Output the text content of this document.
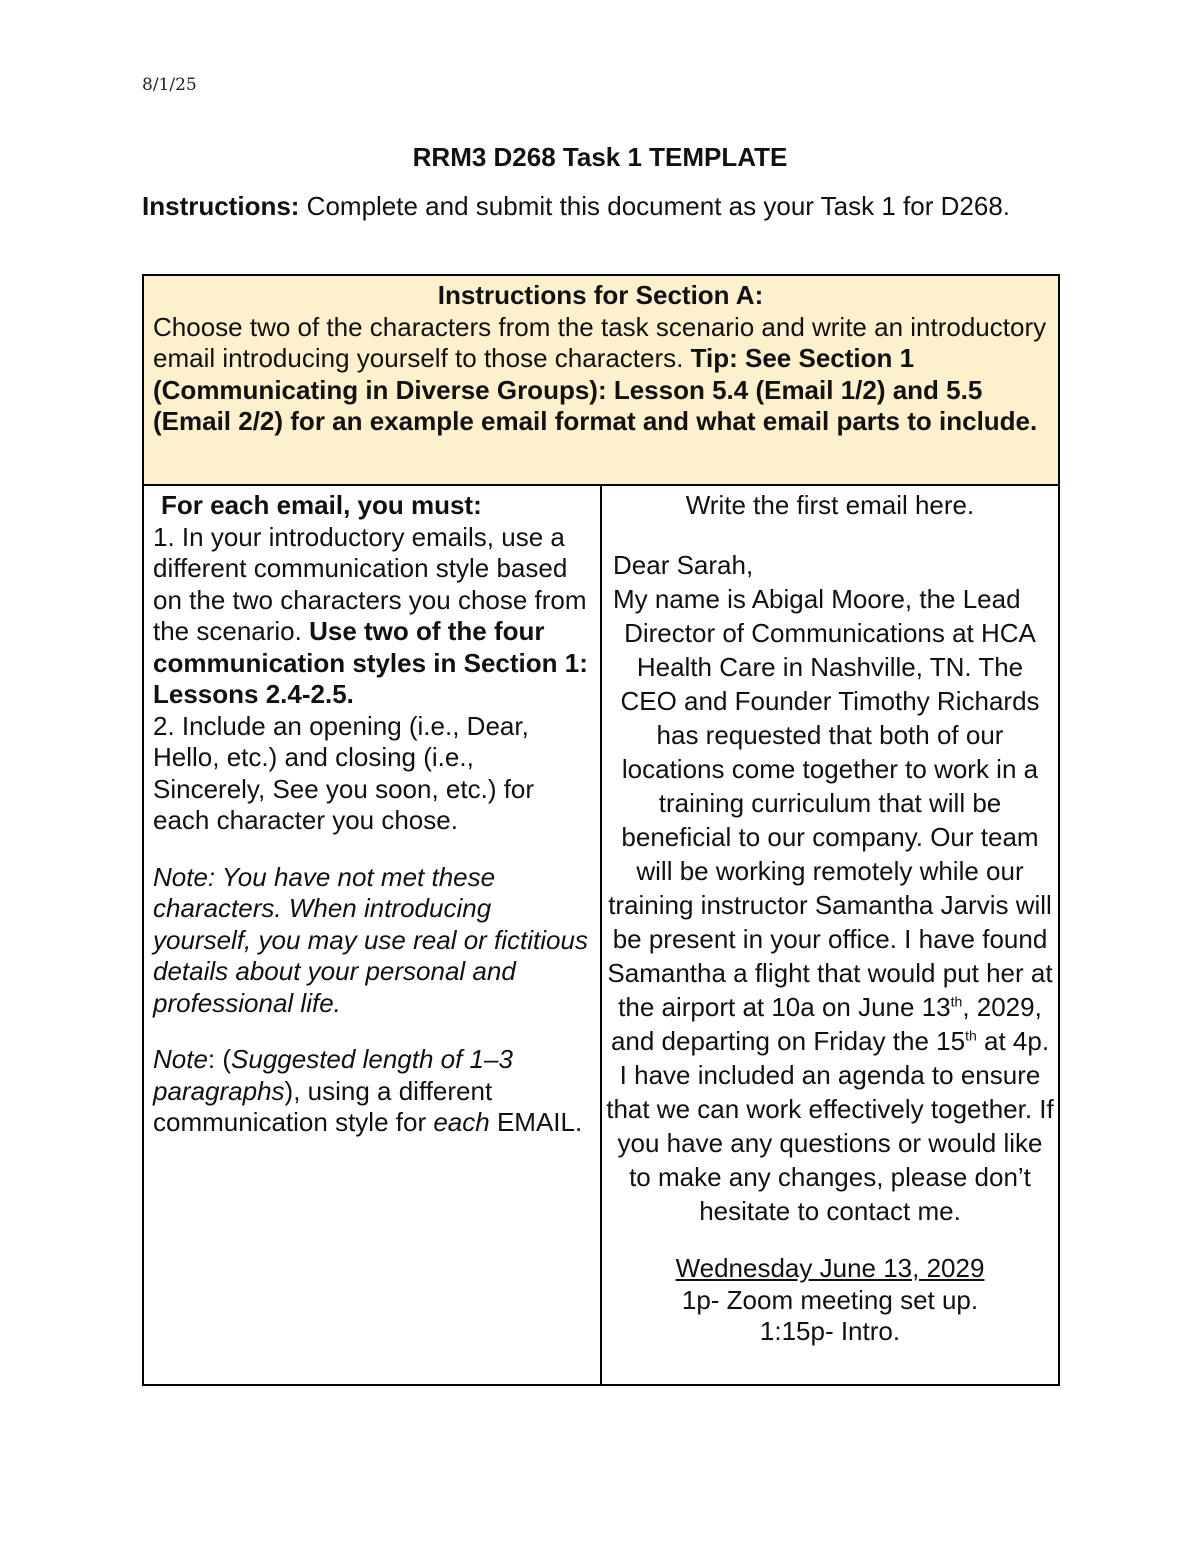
8/1/25
RRM3 D268 Task 1 TEMPLATE
Instructions: Complete and submit this document as your Task 1 for D268.
Instructions for Section A:
Choose two of the characters from the task scenario and write an introductory email introducing yourself to those characters. Tip: See Section 1 (Communicating in Diverse Groups): Lesson 5.4 (Email 1/2) and 5.5 (Email 2/2) for an example email format and what email parts to include.

For each email, you must:

1. In your introductory emails, use a different communication style based on the two characters you chose from the scenario. Use two of the four communication styles in Section 1: Lessons 2.4-2.5.

2. Include an opening (i.e., Dear, Hello, etc.) and closing (i.e., Sincerely, See you soon, etc.) for each character you chose.

Note: You have not met these characters. When introducing yourself, you may use real or fictitious details about your personal and professional life.

Note: (Suggested length of 1–3 paragraphs), using a different communication style for each EMAIL.

Write the first email here.

Dear Sarah,

My name is Abigal Moore, the Lead

Director of Communications at HCA Health Care in Nashville, TN. The CEO and Founder Timothy Richards has requested that both of our locations come together to work in a training curriculum that will be beneficial to our company. Our team will be working remotely while our training instructor Samantha Jarvis will be present in your office. I have found Samantha a flight that would put her at the airport at 10a on June 13th, 2029, and departing on Friday the 15th at 4p. I have included an agenda to ensure that we can work effectively together. If you have any questions or would like to make any changes, please don’t hesitate to contact me.

Wednesday June 13, 2029

1p- Zoom meeting set up.

1:15p- Intro.
